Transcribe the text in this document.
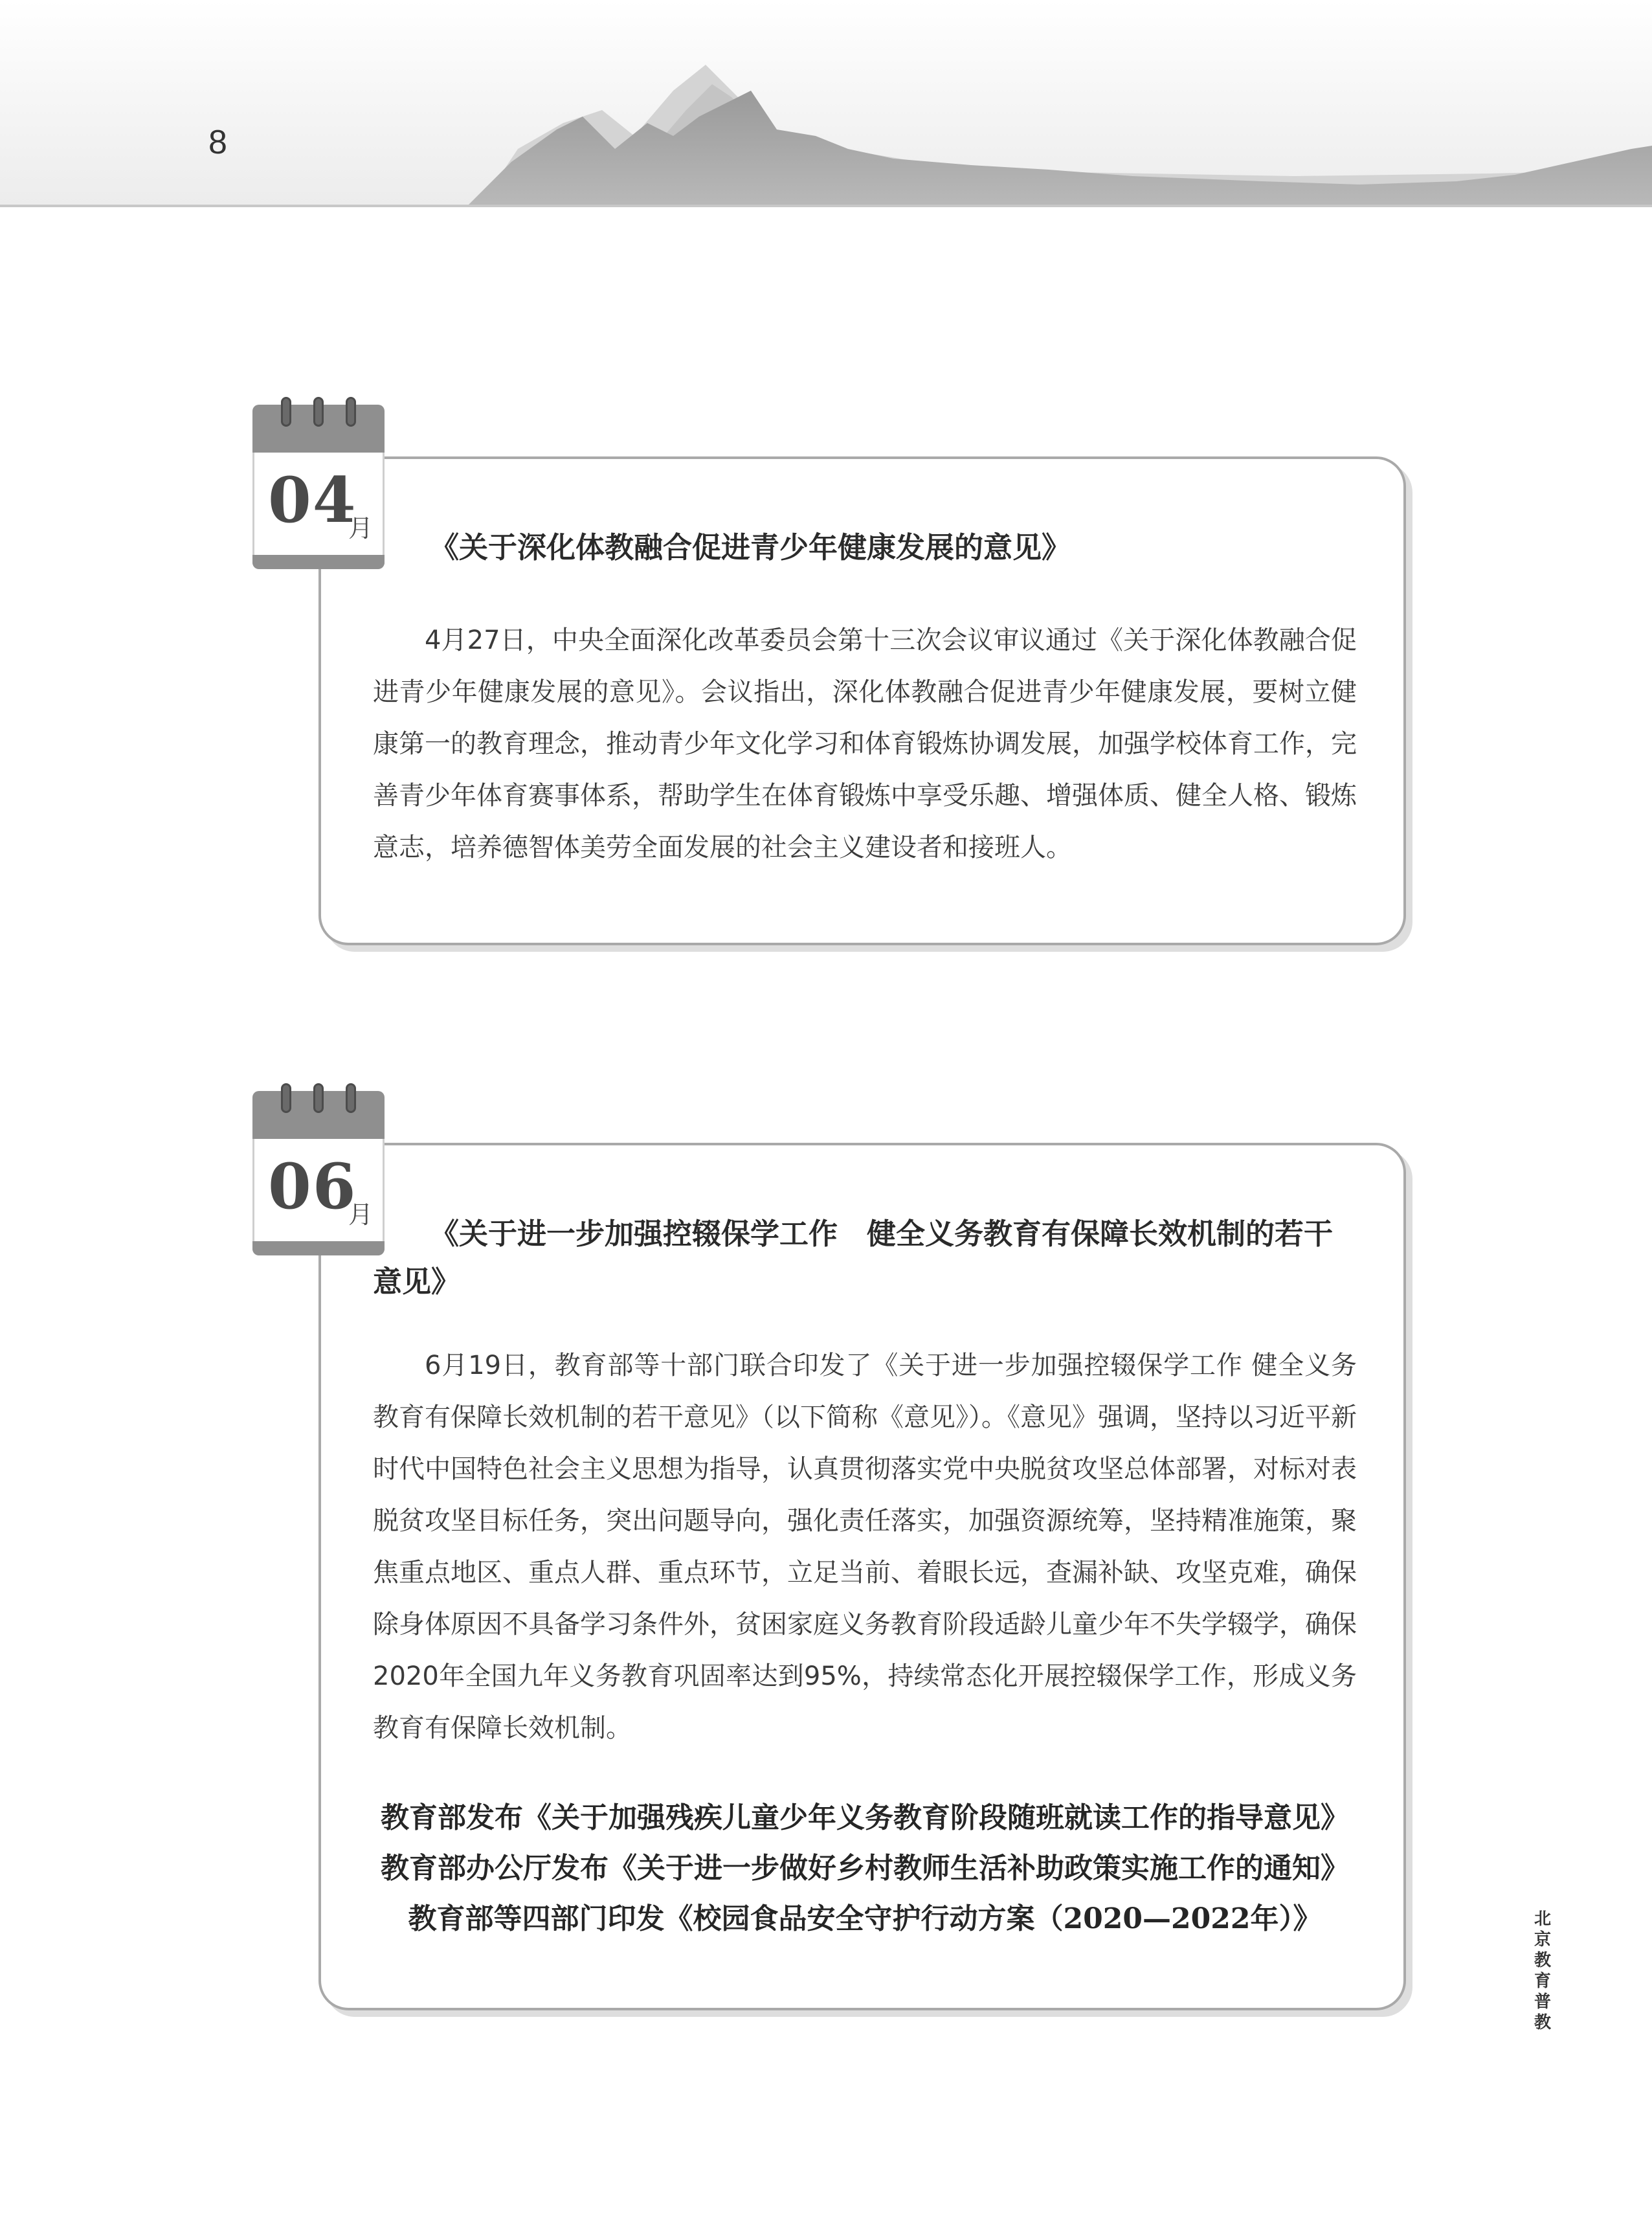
8
《关于深化体教融合促进青少年健康发展的意见》

4月27日，中央全面深化改革委员会第十三次会议审议通过《关于深化体教融合促进青少年健康发展的意见》。会议指出，深化体教融合促进青少年健康发展，要树立健康第一的教育理念，推动青少年文化学习和体育锻炼协调发展，加强学校体育工作，完善青少年体育赛事体系，帮助学生在体育锻炼中享受乐趣、增强体质、健全人格、锻炼意志，培养德智体美劳全面发展的社会主义建设者和接班人。

04
月
《关于进一步加强控辍保学工作　健全义务教育有保障长效机制的若干意见》

6月19日，教育部等十部门联合印发了《关于进一步加强控辍保学工作 健全义务教育有保障长效机制的若干意见》（以下简称《意见》）。《意见》强调，坚持以习近平新时代中国特色社会主义思想为指导，认真贯彻落实党中央脱贫攻坚总体部署，对标对表脱贫攻坚目标任务，突出问题导向，强化责任落实，加强资源统筹，坚持精准施策，聚焦重点地区、重点人群、重点环节，立足当前、着眼长远，查漏补缺、攻坚克难，确保除身体原因不具备学习条件外，贫困家庭义务教育阶段适龄儿童少年不失学辍学，确保2020年全国九年义务教育巩固率达到95%，持续常态化开展控辍保学工作，形成义务教育有保障长效机制。

教育部发布《关于加强残疾儿童少年义务教育阶段随班就读工作的指导意见》
教育部办公厅发布《关于进一步做好乡村教师生活补助政策实施工作的通知》
教育部等四部门印发《校园食品安全守护行动方案（2020—2022年）》
06
月
北京教育 普教
